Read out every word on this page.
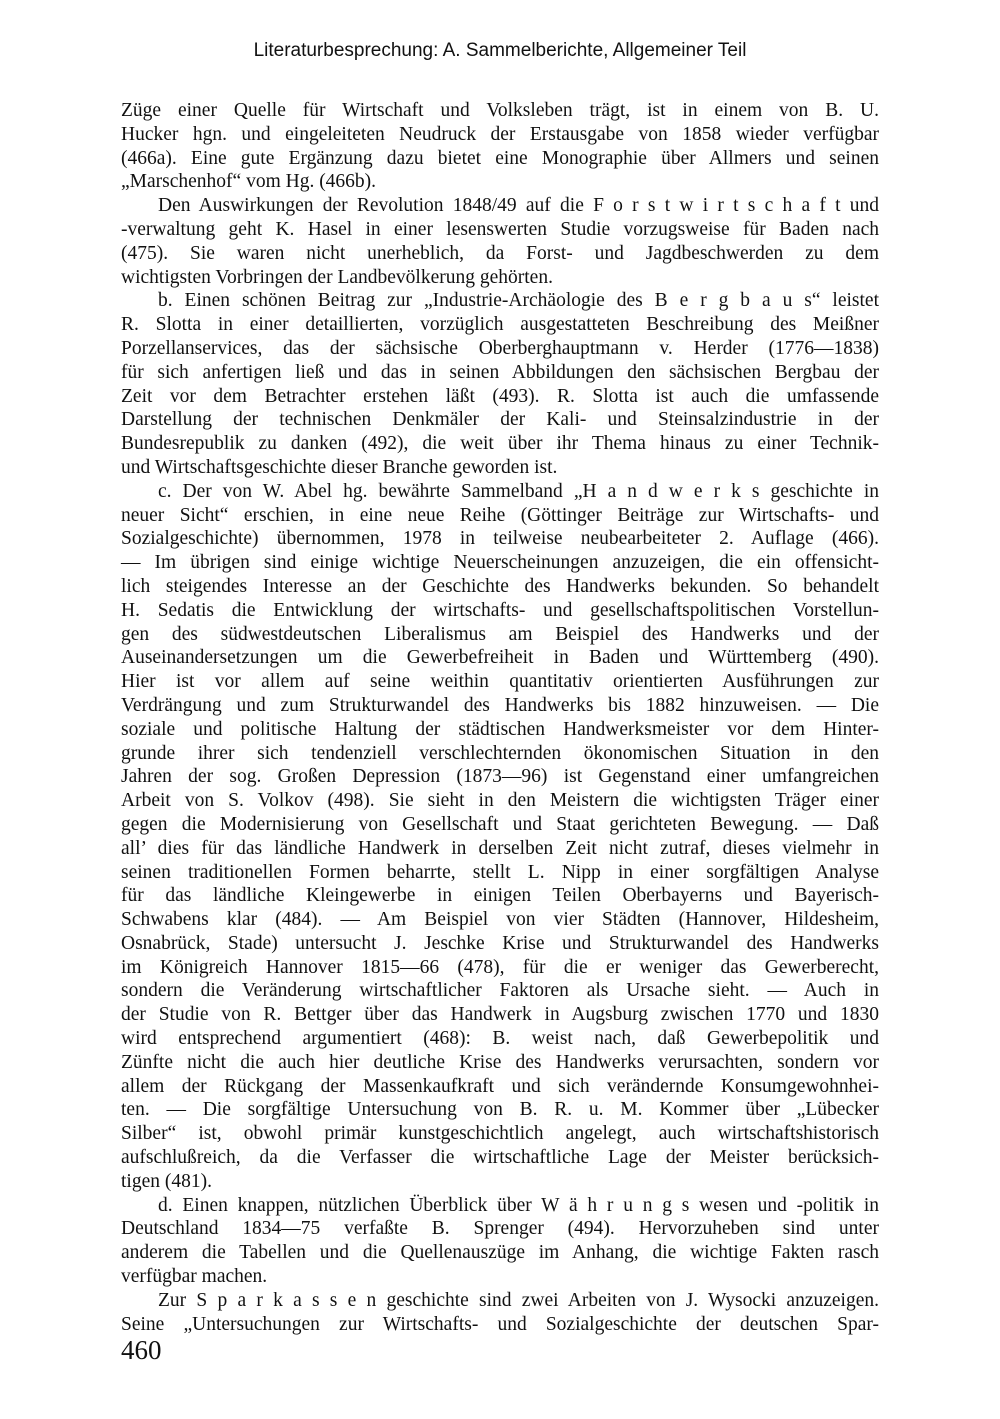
Literaturbesprechung: A. Sammelberichte, Allgemeiner Teil
Züge einer Quelle für Wirtschaft und Volksleben trägt, ist in einem von B. U.
Hucker hgn. und eingeleiteten Neudruck der Erstausgabe von 1858 wieder verfügbar
(466a). Eine gute Ergänzung dazu bietet eine Monographie über Allmers und seinen
„Marschenhof“ vom Hg. (466b).
Den Auswirkungen der Revolution 1848/49 auf die F o r s t w i r t s c h a f t und
-verwaltung geht K. Hasel in einer lesenswerten Studie vorzugsweise für Baden nach
(475). Sie waren nicht unerheblich, da Forst- und Jagdbeschwerden zu dem
wichtigsten Vorbringen der Landbevölkerung gehörten.
b. Einen schönen Beitrag zur „Industrie-Archäologie des B e r g b a u s“ leistet
R. Slotta in einer detaillierten, vorzüglich ausgestatteten Beschreibung des Meißner
Porzellanservices, das der sächsische Oberberghauptmann v. Herder (1776—1838)
für sich anfertigen ließ und das in seinen Abbildungen den sächsischen Bergbau der
Zeit vor dem Betrachter erstehen läßt (493). R. Slotta ist auch die umfassende
Darstellung der technischen Denkmäler der Kali- und Steinsalzindustrie in der
Bundesrepublik zu danken (492), die weit über ihr Thema hinaus zu einer Technik-
und Wirtschaftsgeschichte dieser Branche geworden ist.
c. Der von W. Abel hg. bewährte Sammelband „H a n d w e r k s geschichte in
neuer Sicht“ erschien, in eine neue Reihe (Göttinger Beiträge zur Wirtschafts- und
Sozialgeschichte) übernommen, 1978 in teilweise neubearbeiteter 2. Auflage (466).
— Im übrigen sind einige wichtige Neuerscheinungen anzuzeigen, die ein offensicht-
lich steigendes Interesse an der Geschichte des Handwerks bekunden. So behandelt
H. Sedatis die Entwicklung der wirtschafts- und gesellschaftspolitischen Vorstellun-
gen des südwestdeutschen Liberalismus am Beispiel des Handwerks und der
Auseinandersetzungen um die Gewerbefreiheit in Baden und Württemberg (490).
Hier ist vor allem auf seine weithin quantitativ orientierten Ausführungen zur
Verdrängung und zum Strukturwandel des Handwerks bis 1882 hinzuweisen. — Die
soziale und politische Haltung der städtischen Handwerksmeister vor dem Hinter-
grunde ihrer sich tendenziell verschlechternden ökonomischen Situation in den
Jahren der sog. Großen Depression (1873—96) ist Gegenstand einer umfangreichen
Arbeit von S. Volkov (498). Sie sieht in den Meistern die wichtigsten Träger einer
gegen die Modernisierung von Gesellschaft und Staat gerichteten Bewegung. — Daß
all’ dies für das ländliche Handwerk in derselben Zeit nicht zutraf, dieses vielmehr in
seinen traditionellen Formen beharrte, stellt L. Nipp in einer sorgfältigen Analyse
für das ländliche Kleingewerbe in einigen Teilen Oberbayerns und Bayerisch-
Schwabens klar (484). — Am Beispiel von vier Städten (Hannover, Hildesheim,
Osnabrück, Stade) untersucht J. Jeschke Krise und Strukturwandel des Handwerks
im Königreich Hannover 1815—66 (478), für die er weniger das Gewerberecht,
sondern die Veränderung wirtschaftlicher Faktoren als Ursache sieht. — Auch in
der Studie von R. Bettger über das Handwerk in Augsburg zwischen 1770 und 1830
wird entsprechend argumentiert (468): B. weist nach, daß Gewerbepolitik und
Zünfte nicht die auch hier deutliche Krise des Handwerks verursachten, sondern vor
allem der Rückgang der Massenkaufkraft und sich verändernde Konsumgewohnhei-
ten. — Die sorgfältige Untersuchung von B. R. u. M. Kommer über „Lübecker
Silber“ ist, obwohl primär kunstgeschichtlich angelegt, auch wirtschaftshistorisch
aufschlußreich, da die Verfasser die wirtschaftliche Lage der Meister berücksich-
tigen (481).
d. Einen knappen, nützlichen Überblick über W ä h r u n g s wesen und -politik in
Deutschland 1834—75 verfaßte B. Sprenger (494). Hervorzuheben sind unter
anderem die Tabellen und die Quellenauszüge im Anhang, die wichtige Fakten rasch
verfügbar machen.
Zur S p a r k a s s e n geschichte sind zwei Arbeiten von J. Wysocki anzuzeigen.
Seine „Untersuchungen zur Wirtschafts- und Sozialgeschichte der deutschen Spar-
460
